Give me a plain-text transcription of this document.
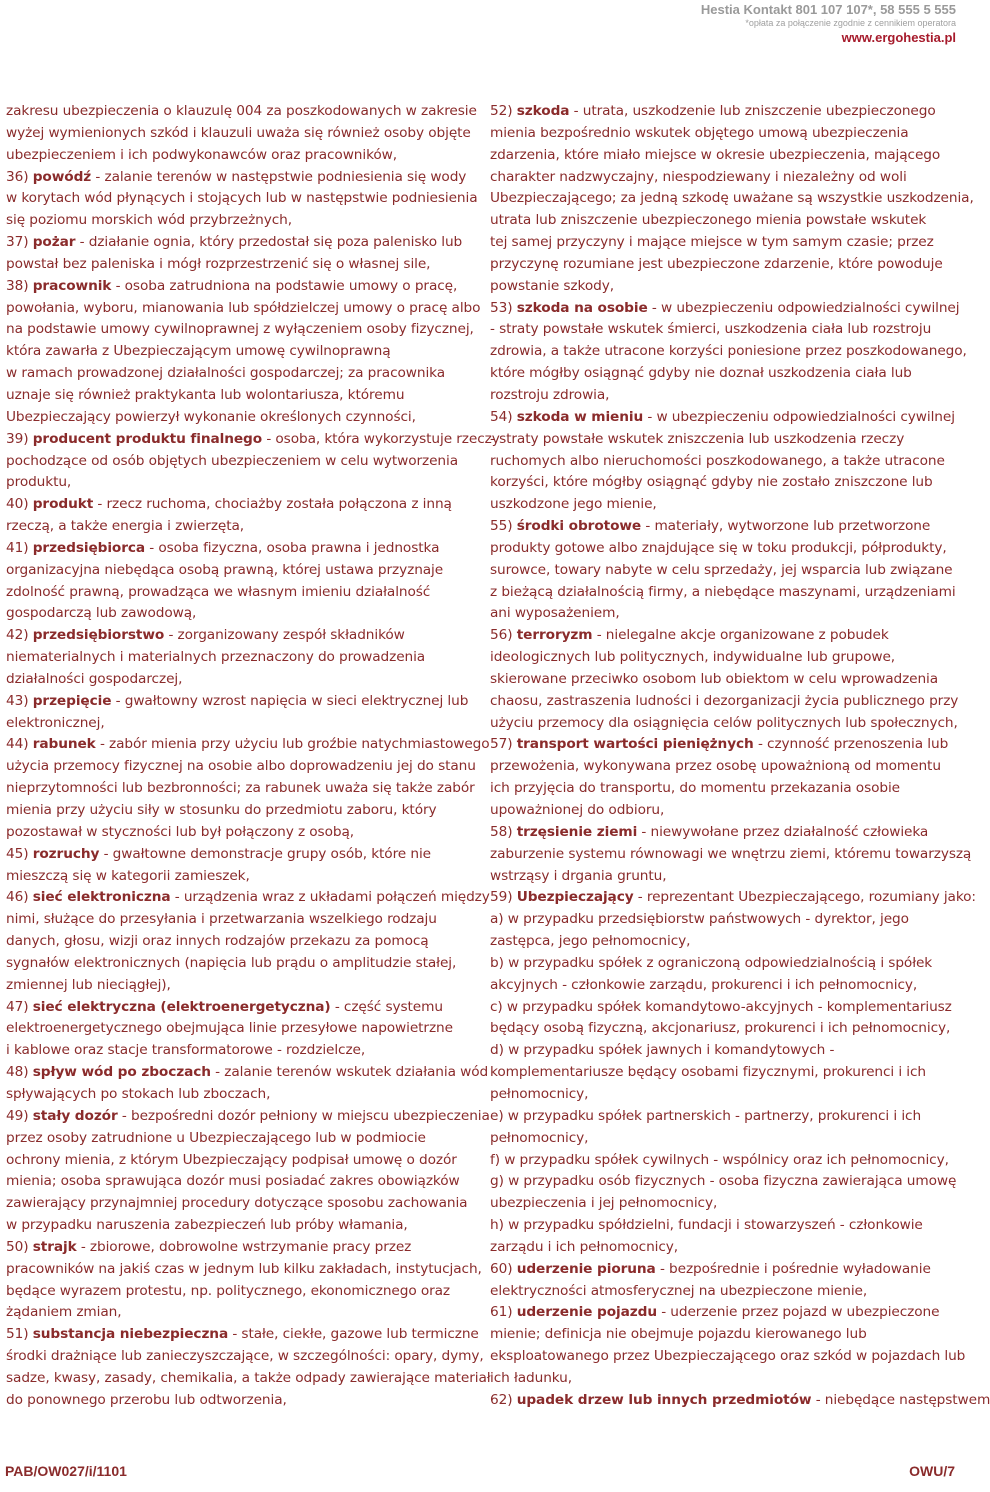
Hestia Kontakt 801 107 107*, 58 555 5 555
*opłata za połączenie zgodnie z cennikiem operatora
www.ergohestia.pl
zakresu ubezpieczenia o klauzulę 004 za poszkodowanych w zakresie
wyżej wymienionych szkód i klauzuli uważa się również osoby objęte
ubezpieczeniem i ich podwykonawców oraz pracowników,
36) powódź - zalanie terenów w następstwie podniesienia się wody
w korytach wód płynących i stojących lub w następstwie podniesienia
się poziomu morskich wód przybrzeżnych,
37) pożar - działanie ognia, który przedostał się poza palenisko lub
powstał bez paleniska i mógł rozprzestrzenić się o własnej sile,
38) pracownik - osoba zatrudniona na podstawie umowy o pracę,
powołania, wyboru, mianowania lub spółdzielczej umowy o pracę albo
na podstawie umowy cywilnoprawnej z wyłączeniem osoby fizycznej,
która zawarła z Ubezpieczającym umowę cywilnoprawną
w ramach prowadzonej działalności gospodarczej; za pracownika
uznaje się również praktykanta lub wolontariusza, któremu
Ubezpieczający powierzył wykonanie określonych czynności,
39) producent produktu finalnego - osoba, która wykorzystuje rzeczy
pochodzące od osób objętych ubezpieczeniem w celu wytworzenia
produktu,
40) produkt - rzecz ruchoma, chociażby została połączona z inną
rzeczą, a także energia i zwierzęta,
41) przedsiębiorca - osoba fizyczna, osoba prawna i jednostka
organizacyjna niebędąca osobą prawną, której ustawa przyznaje
zdolność prawną, prowadząca we własnym imieniu działalność
gospodarczą lub zawodową,
42) przedsiębiorstwo - zorganizowany zespół składników
niematerialnych i materialnych przeznaczony do prowadzenia
działalności gospodarczej,
43) przepięcie - gwałtowny wzrost napięcia w sieci elektrycznej lub
elektronicznej,
44) rabunek - zabór mienia przy użyciu lub groźbie natychmiastowego
użycia przemocy fizycznej na osobie albo doprowadzeniu jej do stanu
nieprzytomności lub bezbronności; za rabunek uważa się także zabór
mienia przy użyciu siły w stosunku do przedmiotu zaboru, który
pozostawał w styczności lub był połączony z osobą,
45) rozruchy - gwałtowne demonstracje grupy osób, które nie
mieszczą się w kategorii zamieszek,
46) sieć elektroniczna - urządzenia wraz z układami połączeń między
nimi, służące do przesyłania i przetwarzania wszelkiego rodzaju
danych, głosu, wizji oraz innych rodzajów przekazu za pomocą
sygnałów elektronicznych (napięcia lub prądu o amplitudzie stałej,
zmiennej lub nieciągłej),
47) sieć elektryczna (elektroenergetyczna) - część systemu
elektroenergetycznego obejmująca linie przesyłowe napowietrzne
i kablowe oraz stacje transformatorowe - rozdzielcze,
48) spływ wód po zboczach - zalanie terenów wskutek działania wód
spływających po stokach lub zboczach,
49) stały dozór - bezpośredni dozór pełniony w miejscu ubezpieczenia
przez osoby zatrudnione u Ubezpieczającego lub w podmiocie
ochrony mienia, z którym Ubezpieczający podpisał umowę o dozór
mienia; osoba sprawująca dozór musi posiadać zakres obowiązków
zawierający przynajmniej procedury dotyczące sposobu zachowania
w przypadku naruszenia zabezpieczeń lub próby włamania,
50) strajk - zbiorowe, dobrowolne wstrzymanie pracy przez
pracowników na jakiś czas w jednym lub kilku zakładach, instytucjach,
będące wyrazem protestu, np. politycznego, ekonomicznego oraz
żądaniem zmian,
51) substancja niebezpieczna - stałe, ciekłe, gazowe lub termiczne
środki drażniące lub zanieczyszczające, w szczególności: opary, dymy,
sadze, kwasy, zasady, chemikalia, a także odpady zawierające materiał
do ponownego przerobu lub odtworzenia,
52) szkoda - utrata, uszkodzenie lub zniszczenie ubezpieczonego
mienia bezpośrednio wskutek objętego umową ubezpieczenia
zdarzenia, które miało miejsce w okresie ubezpieczenia, mającego
charakter nadzwyczajny, niespodziewany i niezależny od woli
Ubezpieczającego; za jedną szkodę uważane są wszystkie uszkodzenia,
utrata lub zniszczenie ubezpieczonego mienia powstałe wskutek
tej samej przyczyny i mające miejsce w tym samym czasie; przez
przyczynę rozumiane jest ubezpieczone zdarzenie, które powoduje
powstanie szkody,
53) szkoda na osobie - w ubezpieczeniu odpowiedzialności cywilnej
- straty powstałe wskutek śmierci, uszkodzenia ciała lub rozstroju
zdrowia, a także utracone korzyści poniesione przez poszkodowanego,
które mógłby osiągnąć gdyby nie doznał uszkodzenia ciała lub
rozstroju zdrowia,
54) szkoda w mieniu - w ubezpieczeniu odpowiedzialności cywilnej
- straty powstałe wskutek zniszczenia lub uszkodzenia rzeczy
ruchomych albo nieruchomości poszkodowanego, a także utracone
korzyści, które mógłby osiągnąć gdyby nie zostało zniszczone lub
uszkodzone jego mienie,
55) środki obrotowe - materiały, wytworzone lub przetworzone
produkty gotowe albo znajdujące się w toku produkcji, półprodukty,
surowce, towary nabyte w celu sprzedaży, jej wsparcia lub związane
z bieżącą działalnością firmy, a niebędące maszynami, urządzeniami
ani wyposażeniem,
56) terroryzm - nielegalne akcje organizowane z pobudek
ideologicznych lub politycznych, indywidualne lub grupowe,
skierowane przeciwko osobom lub obiektom w celu wprowadzenia
chaosu, zastraszenia ludności i dezorganizacji życia publicznego przy
użyciu przemocy dla osiągnięcia celów politycznych lub społecznych,
57) transport wartości pieniężnych - czynność przenoszenia lub
przewożenia, wykonywana przez osobę upoważnioną od momentu
ich przyjęcia do transportu, do momentu przekazania osobie
upoważnionej do odbioru,
58) trzęsienie ziemi - niewywołane przez działalność człowieka
zaburzenie systemu równowagi we wnętrzu ziemi, któremu towarzyszą
wstrząsy i drgania gruntu,
59) Ubezpieczający - reprezentant Ubezpieczającego, rozumiany jako:
a) w przypadku przedsiębiorstw państwowych - dyrektor, jego
zastępca, jego pełnomocnicy,
b) w przypadku spółek z ograniczoną odpowiedzialnością i spółek
akcyjnych - członkowie zarządu, prokurenci i ich pełnomocnicy,
c) w przypadku spółek komandytowo-akcyjnych - komplementariusz
będący osobą fizyczną, akcjonariusz, prokurenci i ich pełnomocnicy,
d) w przypadku spółek jawnych i komandytowych -
komplementariusze będący osobami fizycznymi, prokurenci i ich
pełnomocnicy,
e) w przypadku spółek partnerskich - partnerzy, prokurenci i ich
pełnomocnicy,
f) w przypadku spółek cywilnych - wspólnicy oraz ich pełnomocnicy,
g) w przypadku osób fizycznych - osoba fizyczna zawierająca umowę
ubezpieczenia i jej pełnomocnicy,
h) w przypadku spółdzielni, fundacji i stowarzyszeń - członkowie
zarządu i ich pełnomocnicy,
60) uderzenie pioruna - bezpośrednie i pośrednie wyładowanie
elektryczności atmosferycznej na ubezpieczone mienie,
61) uderzenie pojazdu - uderzenie przez pojazd w ubezpieczone
mienie; definicja nie obejmuje pojazdu kierowanego lub
eksploatowanego przez Ubezpieczającego oraz szkód w pojazdach lub
ich ładunku,
62) upadek drzew lub innych przedmiotów - niebędące następstwem
PAB/OW027/i/1101	OWU/7
